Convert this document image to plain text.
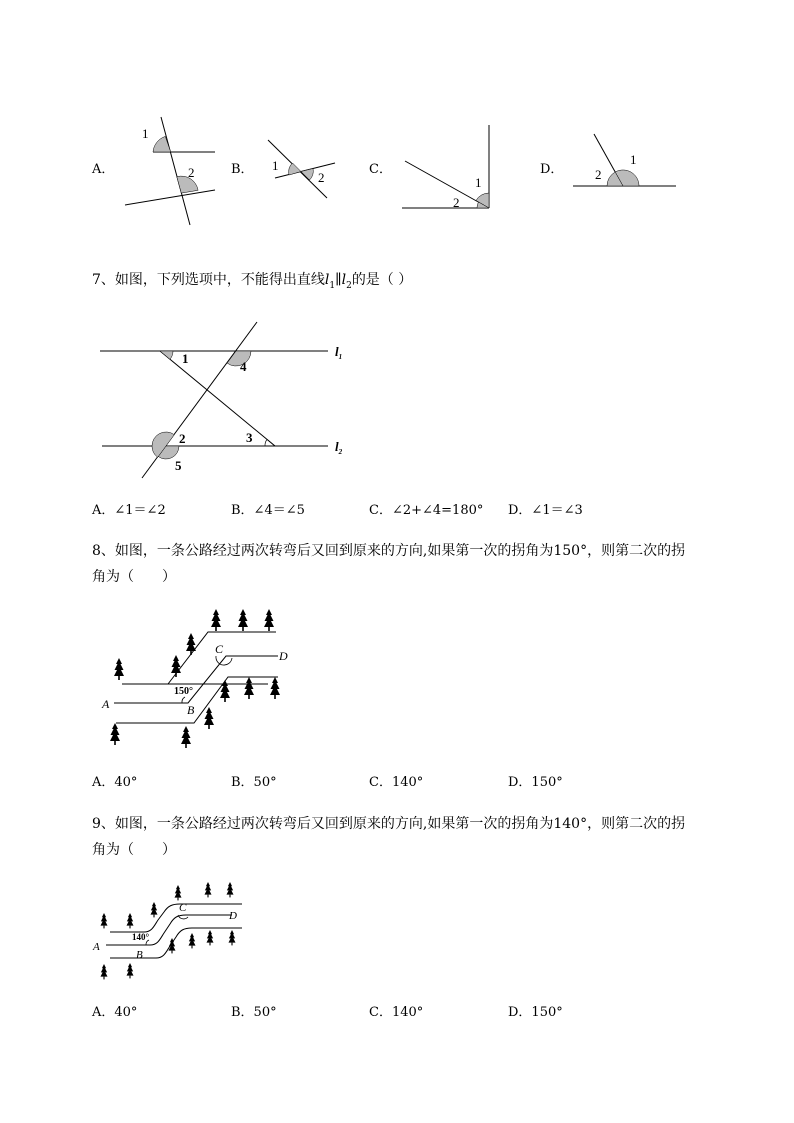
A．
1
2	B． 1
2
C．
1
2
D．
1
2
7、如图，下列选项中，不能得出直线$l_1\parallel l_2$的是（ ）
1
4
2	3
5
$l_1$
$l_2$
A．∠1＝∠2	B．∠4＝∠5	C．∠2+∠4=180° D．∠1＝∠3
8、如图，一条公路经过两次转弯后又回到原来的方向,如果第一次的拐角为150°，则第二次的拐
角为（　　）
A	B
C	D
150°
A．40°	B．50°	C．140°	D．150°
9、如图，一条公路经过两次转弯后又回到原来的方向,如果第一次的拐角为140°，则第二次的拐
角为（　　）
A
B
C
D
140°
A．40°	B．50°	C．140°	D．150°
